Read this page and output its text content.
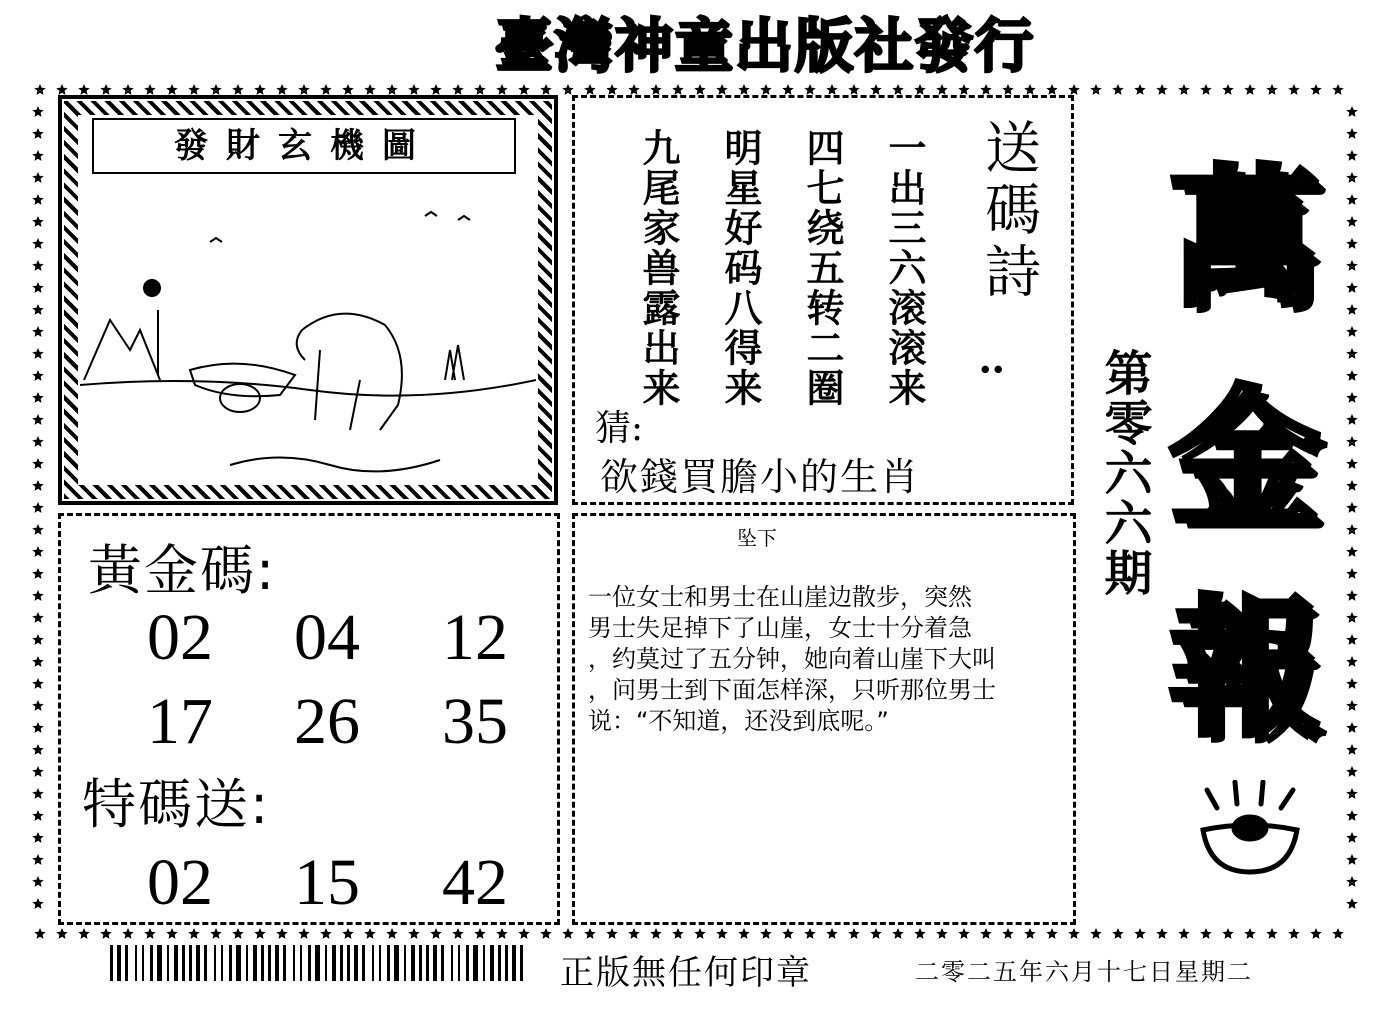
臺灣神童出版社發行
發財玄機圖	送碼詩
:
一出三六滚滚来
四七绕五转二圈
明星好码八得来
九尾家兽露出来
猜:
欲錢買膽小的生肖
黃金碼:
02	04	12
17	26	35
特碼送:
02	15	42
坠下
一位女士和男士在山崖边散步，突然
男士失足掉下了山崖，女士十分着急
，约莫过了五分钟，她向着山崖下大叫
，问男士到下面怎样深，只听那位男士
说：“不知道，还没到底呢。”
萬
金
報
第零六六期
正版無任何印章	二零二五年六月十七日星期二
